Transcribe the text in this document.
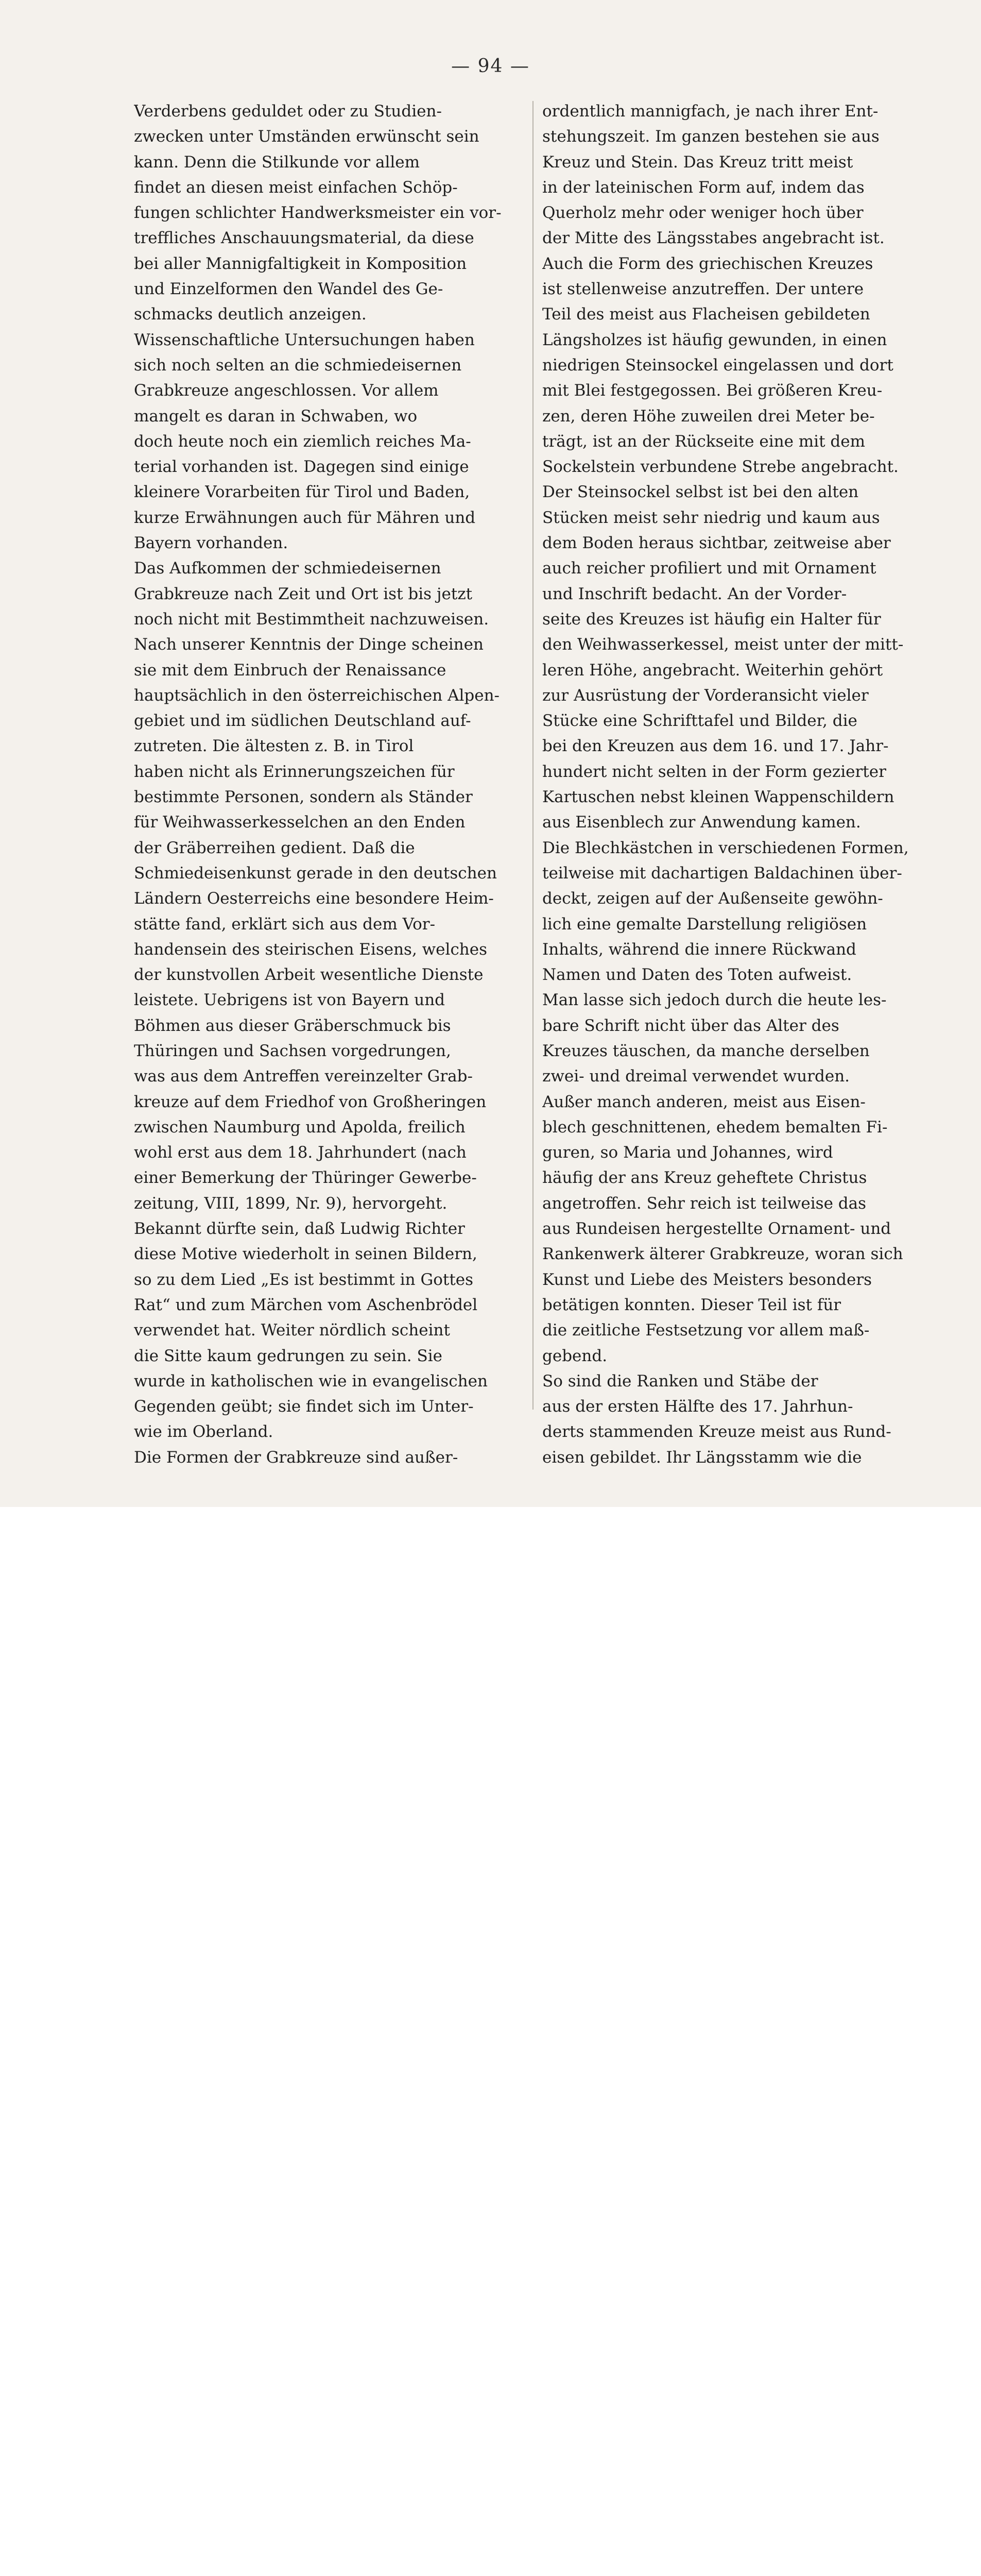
— 94 —
Verderbens geduldet oder zu Studien-
zwecken unter Umständen erwünscht sein
kann. Denn die Stilkunde vor allem
findet an diesen meist einfachen Schöp-
fungen schlichter Handwerksmeister ein vor-
treffliches Anschauungsmaterial, da diese
bei aller Mannigfaltigkeit in Komposition
und Einzelformen den Wandel des Ge-
schmacks deutlich anzeigen.
Wissenschaftliche Untersuchungen haben
sich noch selten an die schmiedeisernen
Grabkreuze angeschlossen. Vor allem
mangelt es daran in Schwaben, wo
doch heute noch ein ziemlich reiches Ma-
terial vorhanden ist. Dagegen sind einige
kleinere Vorarbeiten für Tirol und Baden,
kurze Erwähnungen auch für Mähren und
Bayern vorhanden.
Das Aufkommen der schmiedeisernen
Grabkreuze nach Zeit und Ort ist bis jetzt
noch nicht mit Bestimmtheit nachzuweisen.
Nach unserer Kenntnis der Dinge scheinen
sie mit dem Einbruch der Renaissance
hauptsächlich in den österreichischen Alpen-
gebiet und im südlichen Deutschland auf-
zutreten. Die ältesten z. B. in Tirol
haben nicht als Erinnerungszeichen für
bestimmte Personen, sondern als Ständer
für Weihwasserkesselchen an den Enden
der Gräberreihen gedient. Daß die
Schmiedeisenkunst gerade in den deutschen
Ländern Oesterreichs eine besondere Heim-
stätte fand, erklärt sich aus dem Vor-
handensein des steirischen Eisens, welches
der kunstvollen Arbeit wesentliche Dienste
leistete. Uebrigens ist von Bayern und
Böhmen aus dieser Gräberschmuck bis
Thüringen und Sachsen vorgedrungen,
was aus dem Antreffen vereinzelter Grab-
kreuze auf dem Friedhof von Großheringen
zwischen Naumburg und Apolda, freilich
wohl erst aus dem 18. Jahrhundert (nach
einer Bemerkung der Thüringer Gewerbe-
zeitung, VIII, 1899, Nr. 9), hervorgeht.
Bekannt dürfte sein, daß Ludwig Richter
diese Motive wiederholt in seinen Bildern,
so zu dem Lied „Es ist bestimmt in Gottes
Rat“ und zum Märchen vom Aschenbrödel
verwendet hat. Weiter nördlich scheint
die Sitte kaum gedrungen zu sein. Sie
wurde in katholischen wie in evangelischen
Gegenden geübt; sie findet sich im Unter-
wie im Oberland.
Die Formen der Grabkreuze sind außer-
ordentlich mannigfach, je nach ihrer Ent-
stehungszeit. Im ganzen bestehen sie aus
Kreuz und Stein. Das Kreuz tritt meist
in der lateinischen Form auf, indem das
Querholz mehr oder weniger hoch über
der Mitte des Längsstabes angebracht ist.
Auch die Form des griechischen Kreuzes
ist stellenweise anzutreffen. Der untere
Teil des meist aus Flacheisen gebildeten
Längsholzes ist häufig gewunden, in einen
niedrigen Steinsockel eingelassen und dort
mit Blei festgegossen. Bei größeren Kreu-
zen, deren Höhe zuweilen drei Meter be-
trägt, ist an der Rückseite eine mit dem
Sockelstein verbundene Strebe angebracht.
Der Steinsockel selbst ist bei den alten
Stücken meist sehr niedrig und kaum aus
dem Boden heraus sichtbar, zeitweise aber
auch reicher profiliert und mit Ornament
und Inschrift bedacht. An der Vorder-
seite des Kreuzes ist häufig ein Halter für
den Weihwasserkessel, meist unter der mitt-
leren Höhe, angebracht. Weiterhin gehört
zur Ausrüstung der Vorderansicht vieler
Stücke eine Schrifttafel und Bilder, die
bei den Kreuzen aus dem 16. und 17. Jahr-
hundert nicht selten in der Form gezierter
Kartuschen nebst kleinen Wappenschildern
aus Eisenblech zur Anwendung kamen.
Die Blechkästchen in verschiedenen Formen,
teilweise mit dachartigen Baldachinen über-
deckt, zeigen auf der Außenseite gewöhn-
lich eine gemalte Darstellung religiösen
Inhalts, während die innere Rückwand
Namen und Daten des Toten aufweist.
Man lasse sich jedoch durch die heute les-
bare Schrift nicht über das Alter des
Kreuzes täuschen, da manche derselben
zwei- und dreimal verwendet wurden.
Außer manch anderen, meist aus Eisen-
blech geschnittenen, ehedem bemalten Fi-
guren, so Maria und Johannes, wird
häufig der ans Kreuz geheftete Christus
angetroffen. Sehr reich ist teilweise das
aus Rundeisen hergestellte Ornament- und
Rankenwerk älterer Grabkreuze, woran sich
Kunst und Liebe des Meisters besonders
betätigen konnten. Dieser Teil ist für
die zeitliche Festsetzung vor allem maß-
gebend.
So sind die Ranken und Stäbe der
aus der ersten Hälfte des 17. Jahrhun-
derts stammenden Kreuze meist aus Rund-
eisen gebildet. Ihr Längsstamm wie die
